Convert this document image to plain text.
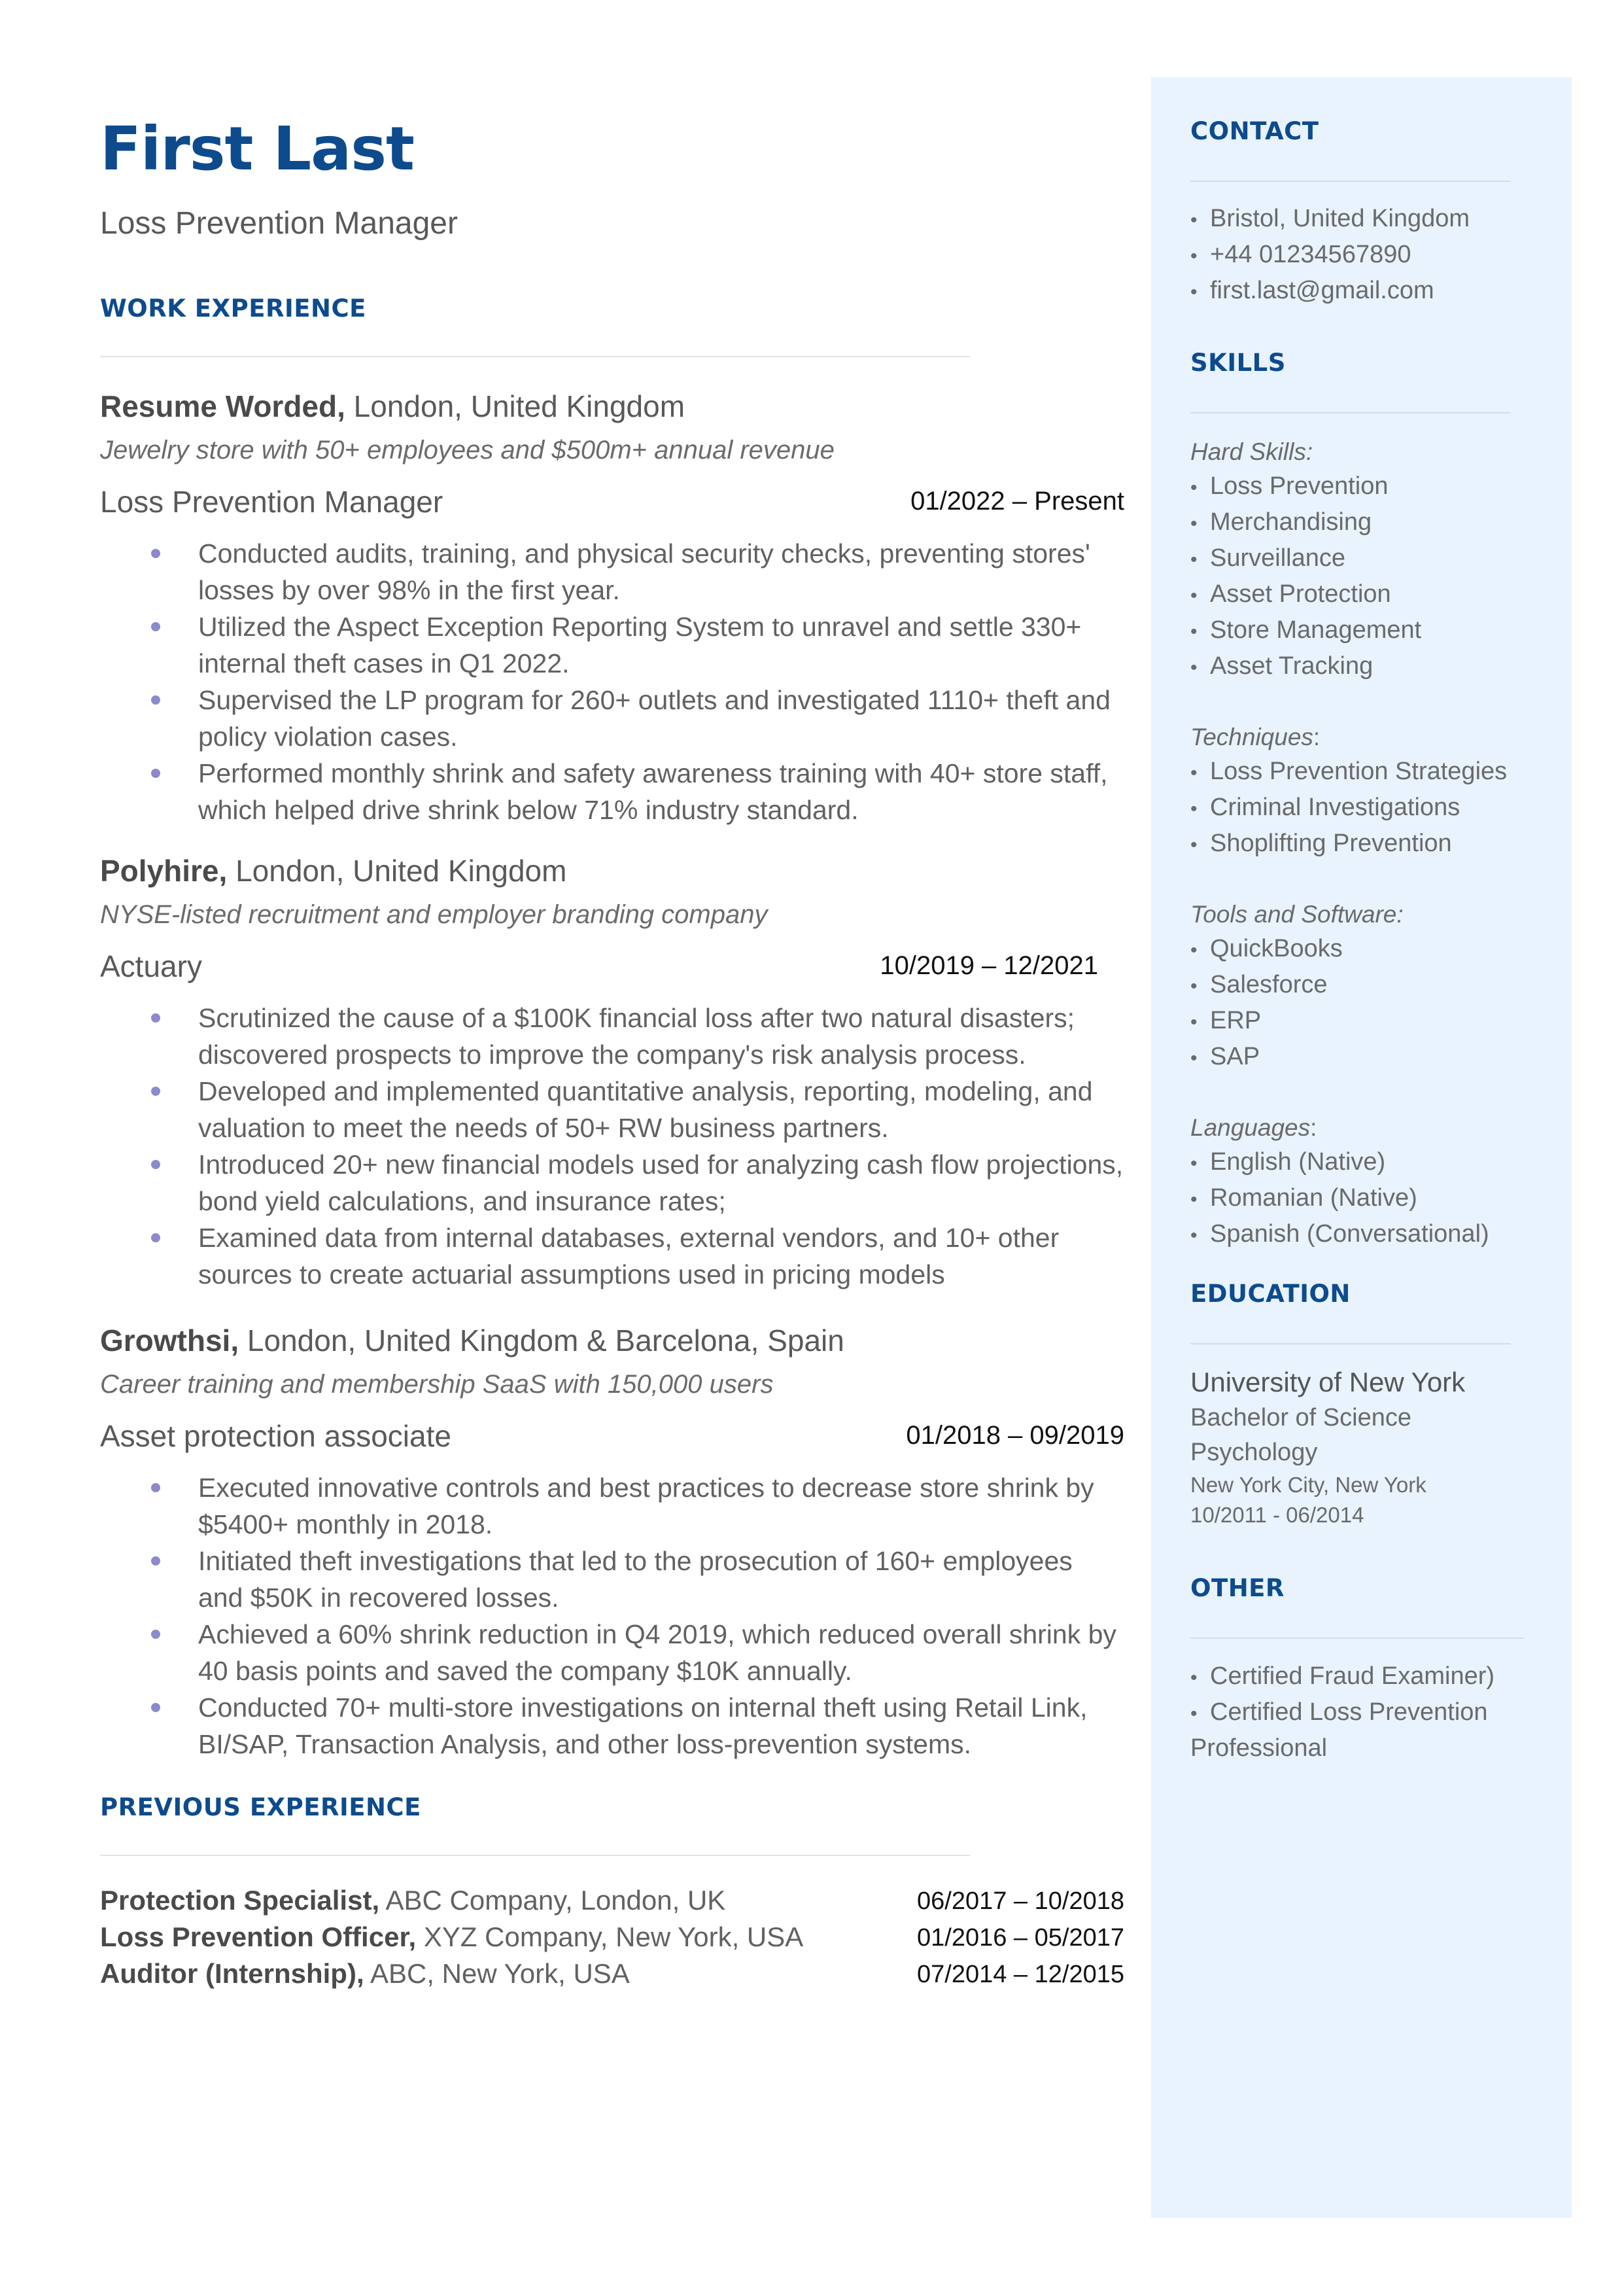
First Last
Loss Prevention Manager
WORK EXPERIENCE
Resume Worded, London, United Kingdom
Jewelry store with 50+ employees and $500m+ annual revenue
Loss Prevention Manager	01/2022 – Present
Conducted audits, training, and physical security checks, preventing stores' losses by over 98% in the first year.
Utilized the Aspect Exception Reporting System to unravel and settle 330+ internal theft cases in Q1 2022.
Supervised the LP program for 260+ outlets and investigated 1110+ theft and policy violation cases.
Performed monthly shrink and safety awareness training with 40+ store staff, which helped drive shrink below 71% industry standard.
Polyhire, London, United Kingdom
NYSE-listed recruitment and employer branding company
Actuary	10/2019 – 12/2021
Scrutinized the cause of a $100K financial loss after two natural disasters; discovered prospects to improve the company's risk analysis process.
Developed and implemented quantitative analysis, reporting, modeling, and valuation to meet the needs of 50+ RW business partners.
Introduced 20+ new financial models used for analyzing cash flow projections, bond yield calculations, and insurance rates;
Examined data from internal databases, external vendors, and 10+ other sources to create actuarial assumptions used in pricing models
Growthsi, London, United Kingdom & Barcelona, Spain
Career training and membership SaaS with 150,000 users
Asset protection associate	01/2018 – 09/2019
Executed innovative controls and best practices to decrease store shrink by $5400+ monthly in 2018.
Initiated theft investigations that led to the prosecution of 160+ employees and $50K in recovered losses.
Achieved a 60% shrink reduction in Q4 2019, which reduced overall shrink by 40 basis points and saved the company $10K annually.
Conducted 70+ multi-store investigations on internal theft using Retail Link, BI/SAP, Transaction Analysis, and other loss-prevention systems.
PREVIOUS EXPERIENCE
Protection Specialist, ABC Company, London, UK	06/2017 – 10/2018
Loss Prevention Officer, XYZ Company, New York, USA	01/2016 – 05/2017
Auditor (Internship), ABC, New York, USA	07/2014 – 12/2015
CONTACT
• Bristol, United Kingdom
• +44 01234567890
• first.last@gmail.com
SKILLS
Hard Skills:
• Loss Prevention
• Merchandising
• Surveillance
• Asset Protection
• Store Management
• Asset Tracking
Techniques:
• Loss Prevention Strategies
• Criminal Investigations
• Shoplifting Prevention
Tools and Software:
• QuickBooks
• Salesforce
• ERP
• SAP
Languages:
• English (Native)
• Romanian (Native)
• Spanish (Conversational)
EDUCATION
University of New York
Bachelor of Science
Psychology
New York City, New York
10/2011 - 06/2014
OTHER
• Certified Fraud Examiner)
• Certified Loss Prevention
Professional
